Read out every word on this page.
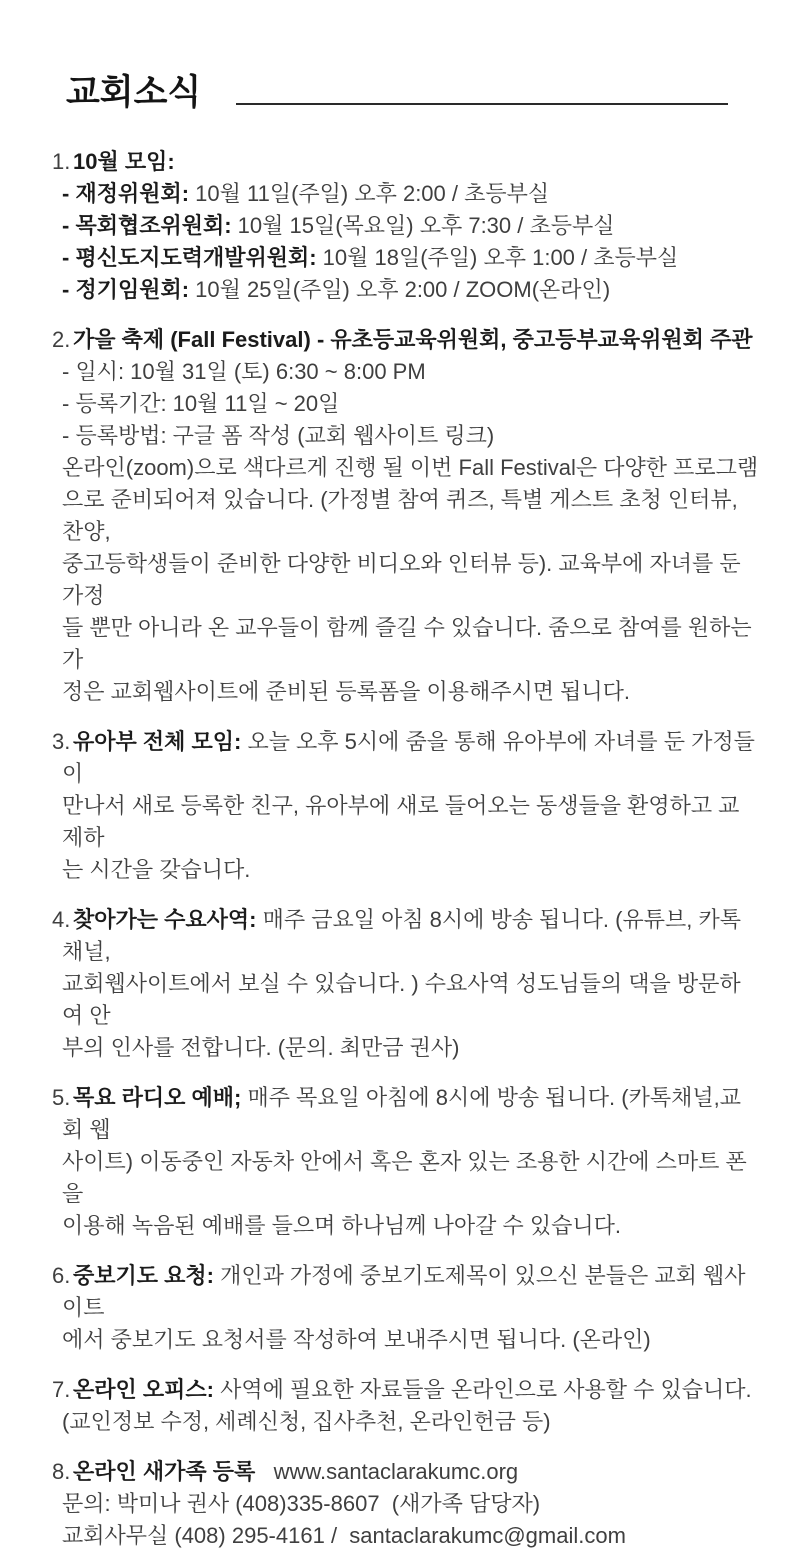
교회소식
1. 10월 모임:
- 재정위원회: 10월 11일(주일) 오후 2:00 / 초등부실
- 목회협조위원회: 10월 15일(목요일) 오후 7:30 / 초등부실
- 평신도지도력개발위원회: 10월 18일(주일) 오후 1:00 / 초등부실
- 정기임원회: 10월 25일(주일) 오후 2:00 / ZOOM(온라인)
2. 가을 축제 (Fall Festival) - 유초등교육위원회, 중고등부교육위원회 주관
- 일시: 10월 31일 (토) 6:30 ~ 8:00 PM
- 등록기간: 10월 11일 ~ 20일
- 등록방법: 구글 폼 작성 (교회 웹사이트 링크)
온라인(zoom)으로 색다르게 진행 될 이번 Fall Festival은 다양한 프로그램
으로 준비되어져 있습니다. (가정별 참여 퀴즈, 특별 게스트 초청 인터뷰, 찬양,
중고등학생들이 준비한 다양한 비디오와 인터뷰 등). 교육부에 자녀를 둔 가정
들 뿐만 아니라 온 교우들이 함께 즐길 수 있습니다. 줌으로 참여를 원하는 가
정은 교회웹사이트에 준비된 등록폼을 이용해주시면 됩니다.
3. 유아부 전체 모임: 오늘 오후 5시에 줌을 통해 유아부에 자녀를 둔 가정들이
만나서 새로 등록한 친구, 유아부에 새로 들어오는 동생들을 환영하고 교제하
는 시간을 갖습니다.
4. 찾아가는 수요사역: 매주 금요일 아침 8시에 방송 됩니다. (유튜브, 카톡채널,
교회웹사이트에서 보실 수 있습니다. ) 수요사역 성도님들의 댁을 방문하여 안
부의 인사를 전합니다. (문의. 최만금 권사)
5. 목요 라디오 예배; 매주 목요일 아침에 8시에 방송 됩니다. (카톡채널,교회 웹
사이트) 이동중인 자동차 안에서 혹은 혼자 있는 조용한 시간에 스마트 폰을
이용해 녹음된 예배를 들으며 하나님께 나아갈 수 있습니다.
6. 중보기도 요청: 개인과 가정에 중보기도제목이 있으신 분들은 교회 웹사이트
에서 중보기도 요청서를 작성하여 보내주시면 됩니다. (온라인)
7. 온라인 오피스: 사역에 필요한 자료들을 온라인으로 사용할 수 있습니다.
(교인정보 수정, 세례신청, 집사추천, 온라인헌금 등)
8. 온라인 새가족 등록 www.santaclarakumc.org
문의: 박미나 권사 (408)335-8607  (새가족 담당자)
교회사무실 (408) 295-4161 /  santaclarakumc@gmail.com
